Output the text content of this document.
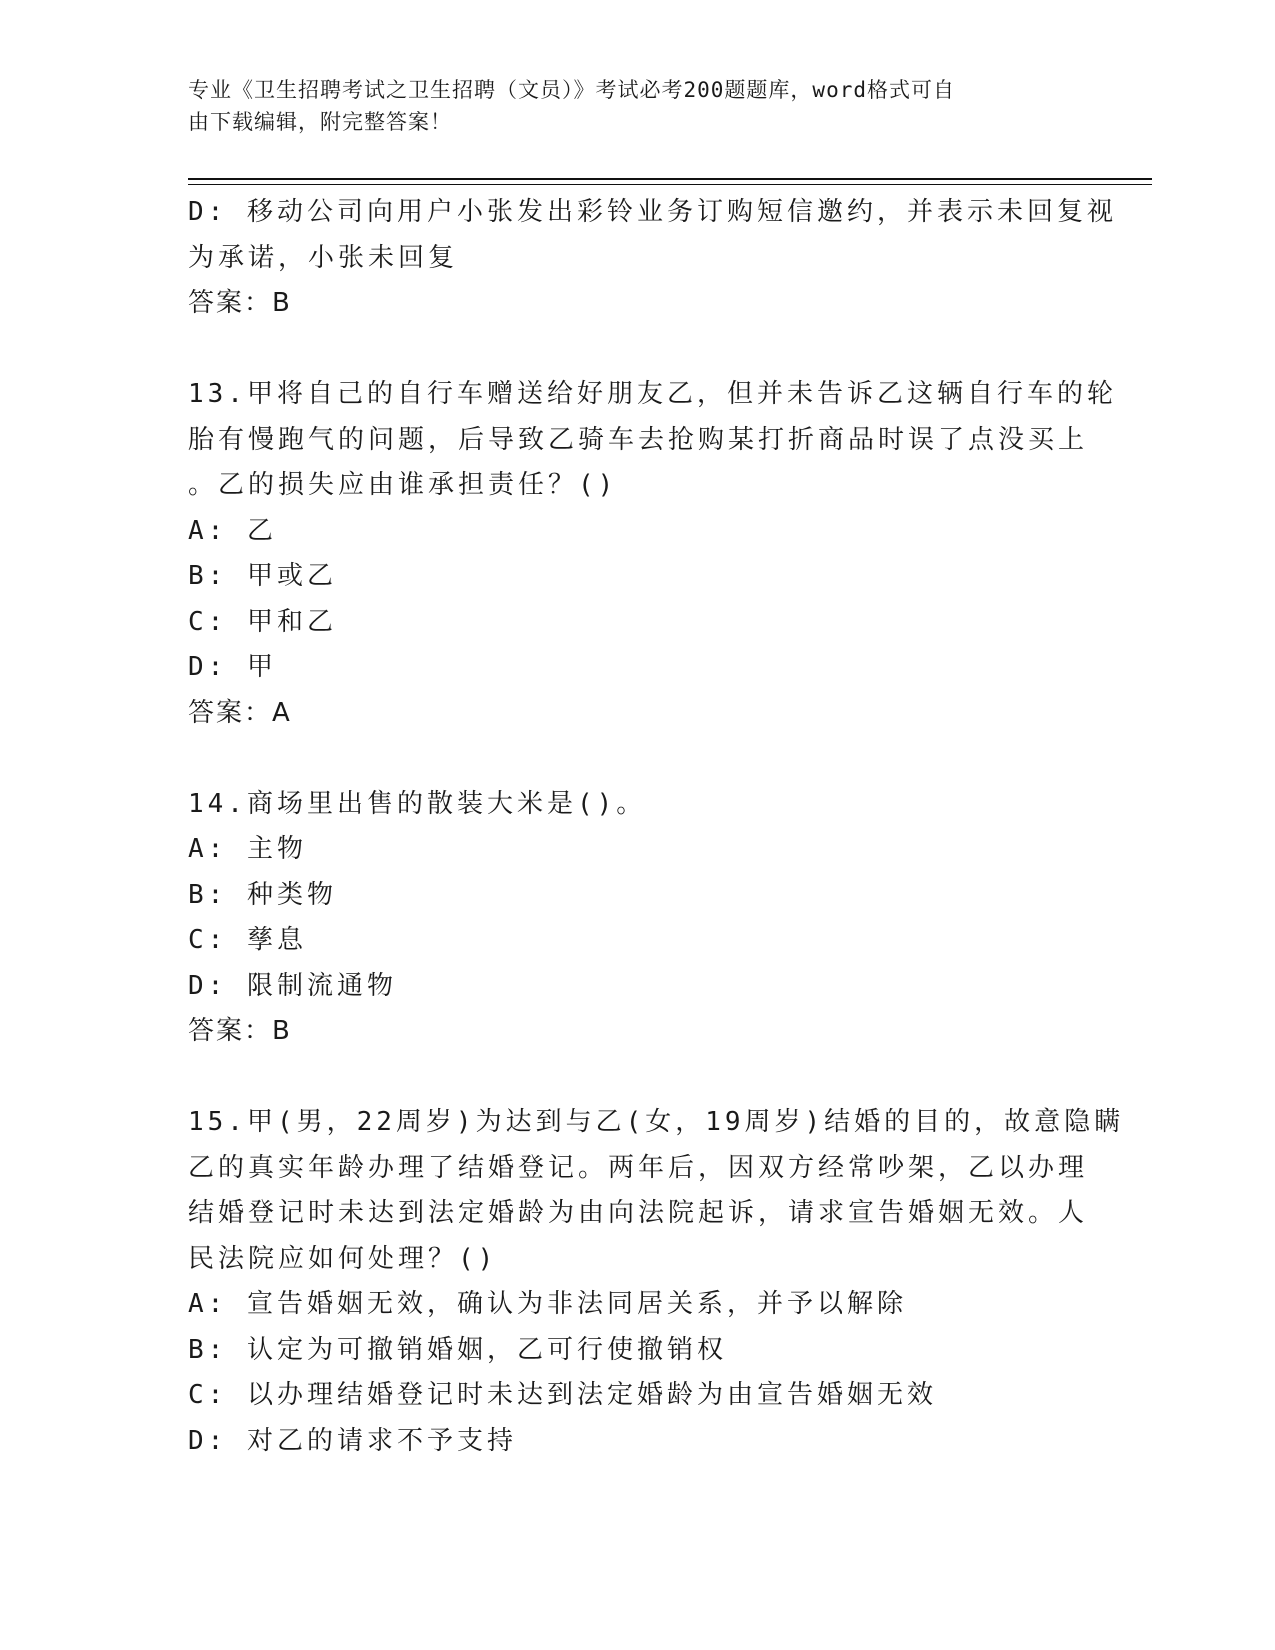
专业《卫生招聘考试之卫生招聘（文员）》考试必考200题题库，word格式可自
由下载编辑，附完整答案！
D: 移动公司向用户小张发出彩铃业务订购短信邀约，并表示未回复视
为承诺，小张未回复
答案：B
13.甲将自己的自行车赠送给好朋友乙，但并未告诉乙这辆自行车的轮
胎有慢跑气的问题，后导致乙骑车去抢购某打折商品时误了点没买上
。乙的损失应由谁承担责任？()
A: 乙
B: 甲或乙
C: 甲和乙
D: 甲
答案：A
14.商场里出售的散装大米是()。
A: 主物
B: 种类物
C: 孳息
D: 限制流通物
答案：B
15.甲(男，22周岁)为达到与乙(女，19周岁)结婚的目的，故意隐瞒
乙的真实年龄办理了结婚登记。两年后，因双方经常吵架，乙以办理
结婚登记时未达到法定婚龄为由向法院起诉，请求宣告婚姻无效。人
民法院应如何处理？()
A: 宣告婚姻无效，确认为非法同居关系，并予以解除
B: 认定为可撤销婚姻，乙可行使撤销权
C: 以办理结婚登记时未达到法定婚龄为由宣告婚姻无效
D: 对乙的请求不予支持
